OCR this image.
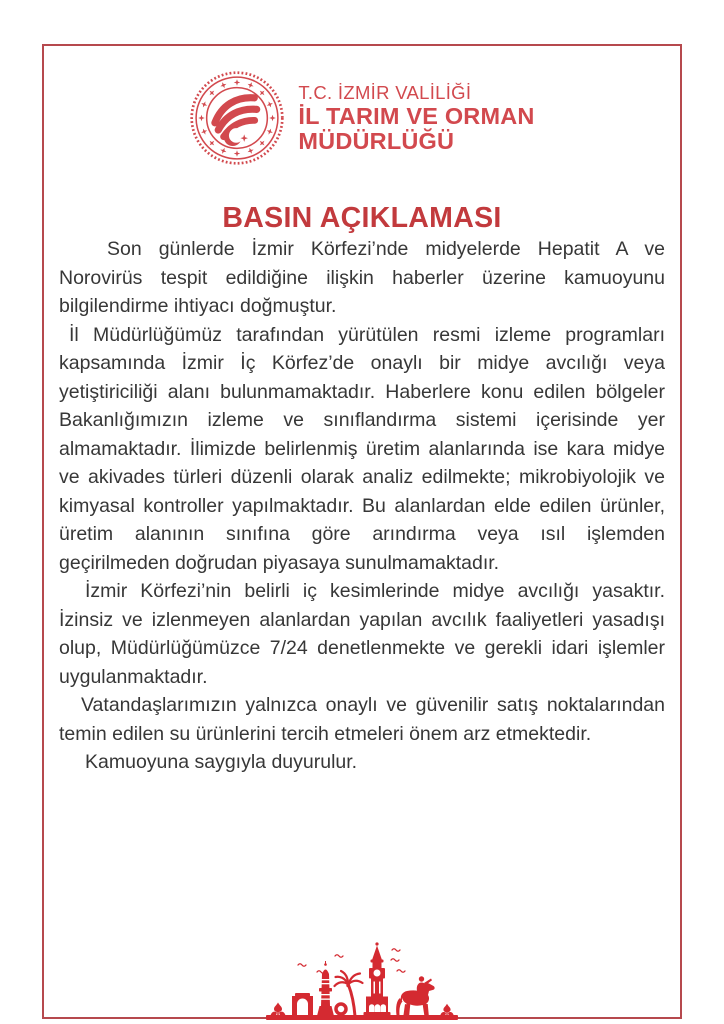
T.C. İZMİR VALİLİĞİ
İL TARIM VE ORMAN
MÜDÜRLÜĞÜ
BASIN AÇIKLAMASI

Son günlerde İzmir Körfezi’nde midyelerde Hepatit A ve Norovirüs tespit edildiğine ilişkin haberler üzerine kamuoyunu bilgilendirme ihtiyacı doğmuştur.

İl Müdürlüğümüz tarafından yürütülen resmi izleme programları kapsamında İzmir İç Körfez’de onaylı bir midye avcılığı veya yetiştiriciliği alanı bulunmamaktadır. Haberlere konu edilen bölgeler Bakanlığımızın izleme ve sınıflandırma sistemi içerisinde yer almamaktadır. İlimizde belirlenmiş üretim alanlarında ise kara midye ve akivades türleri düzenli olarak analiz edilmekte; mikrobiyolojik ve kimyasal kontroller yapılmaktadır. Bu alanlardan elde edilen ürünler, üretim alanının sınıfına göre arındırma veya ısıl işlemden geçirilmeden doğrudan piyasaya sunulmamaktadır.

İzmir Körfezi’nin belirli iç kesimlerinde midye avcılığı yasaktır. İzinsiz ve izlenmeyen alanlardan yapılan avcılık faaliyetleri yasadışı olup, Müdürlüğümüzce 7/24 denetlenmekte ve gerekli idari işlemler uygulanmaktadır.

Vatandaşlarımızın yalnızca onaylı ve güvenilir satış noktalarından temin edilen su ürünlerini tercih etmeleri önem arz etmektedir.

Kamuoyuna saygıyla duyurulur.
